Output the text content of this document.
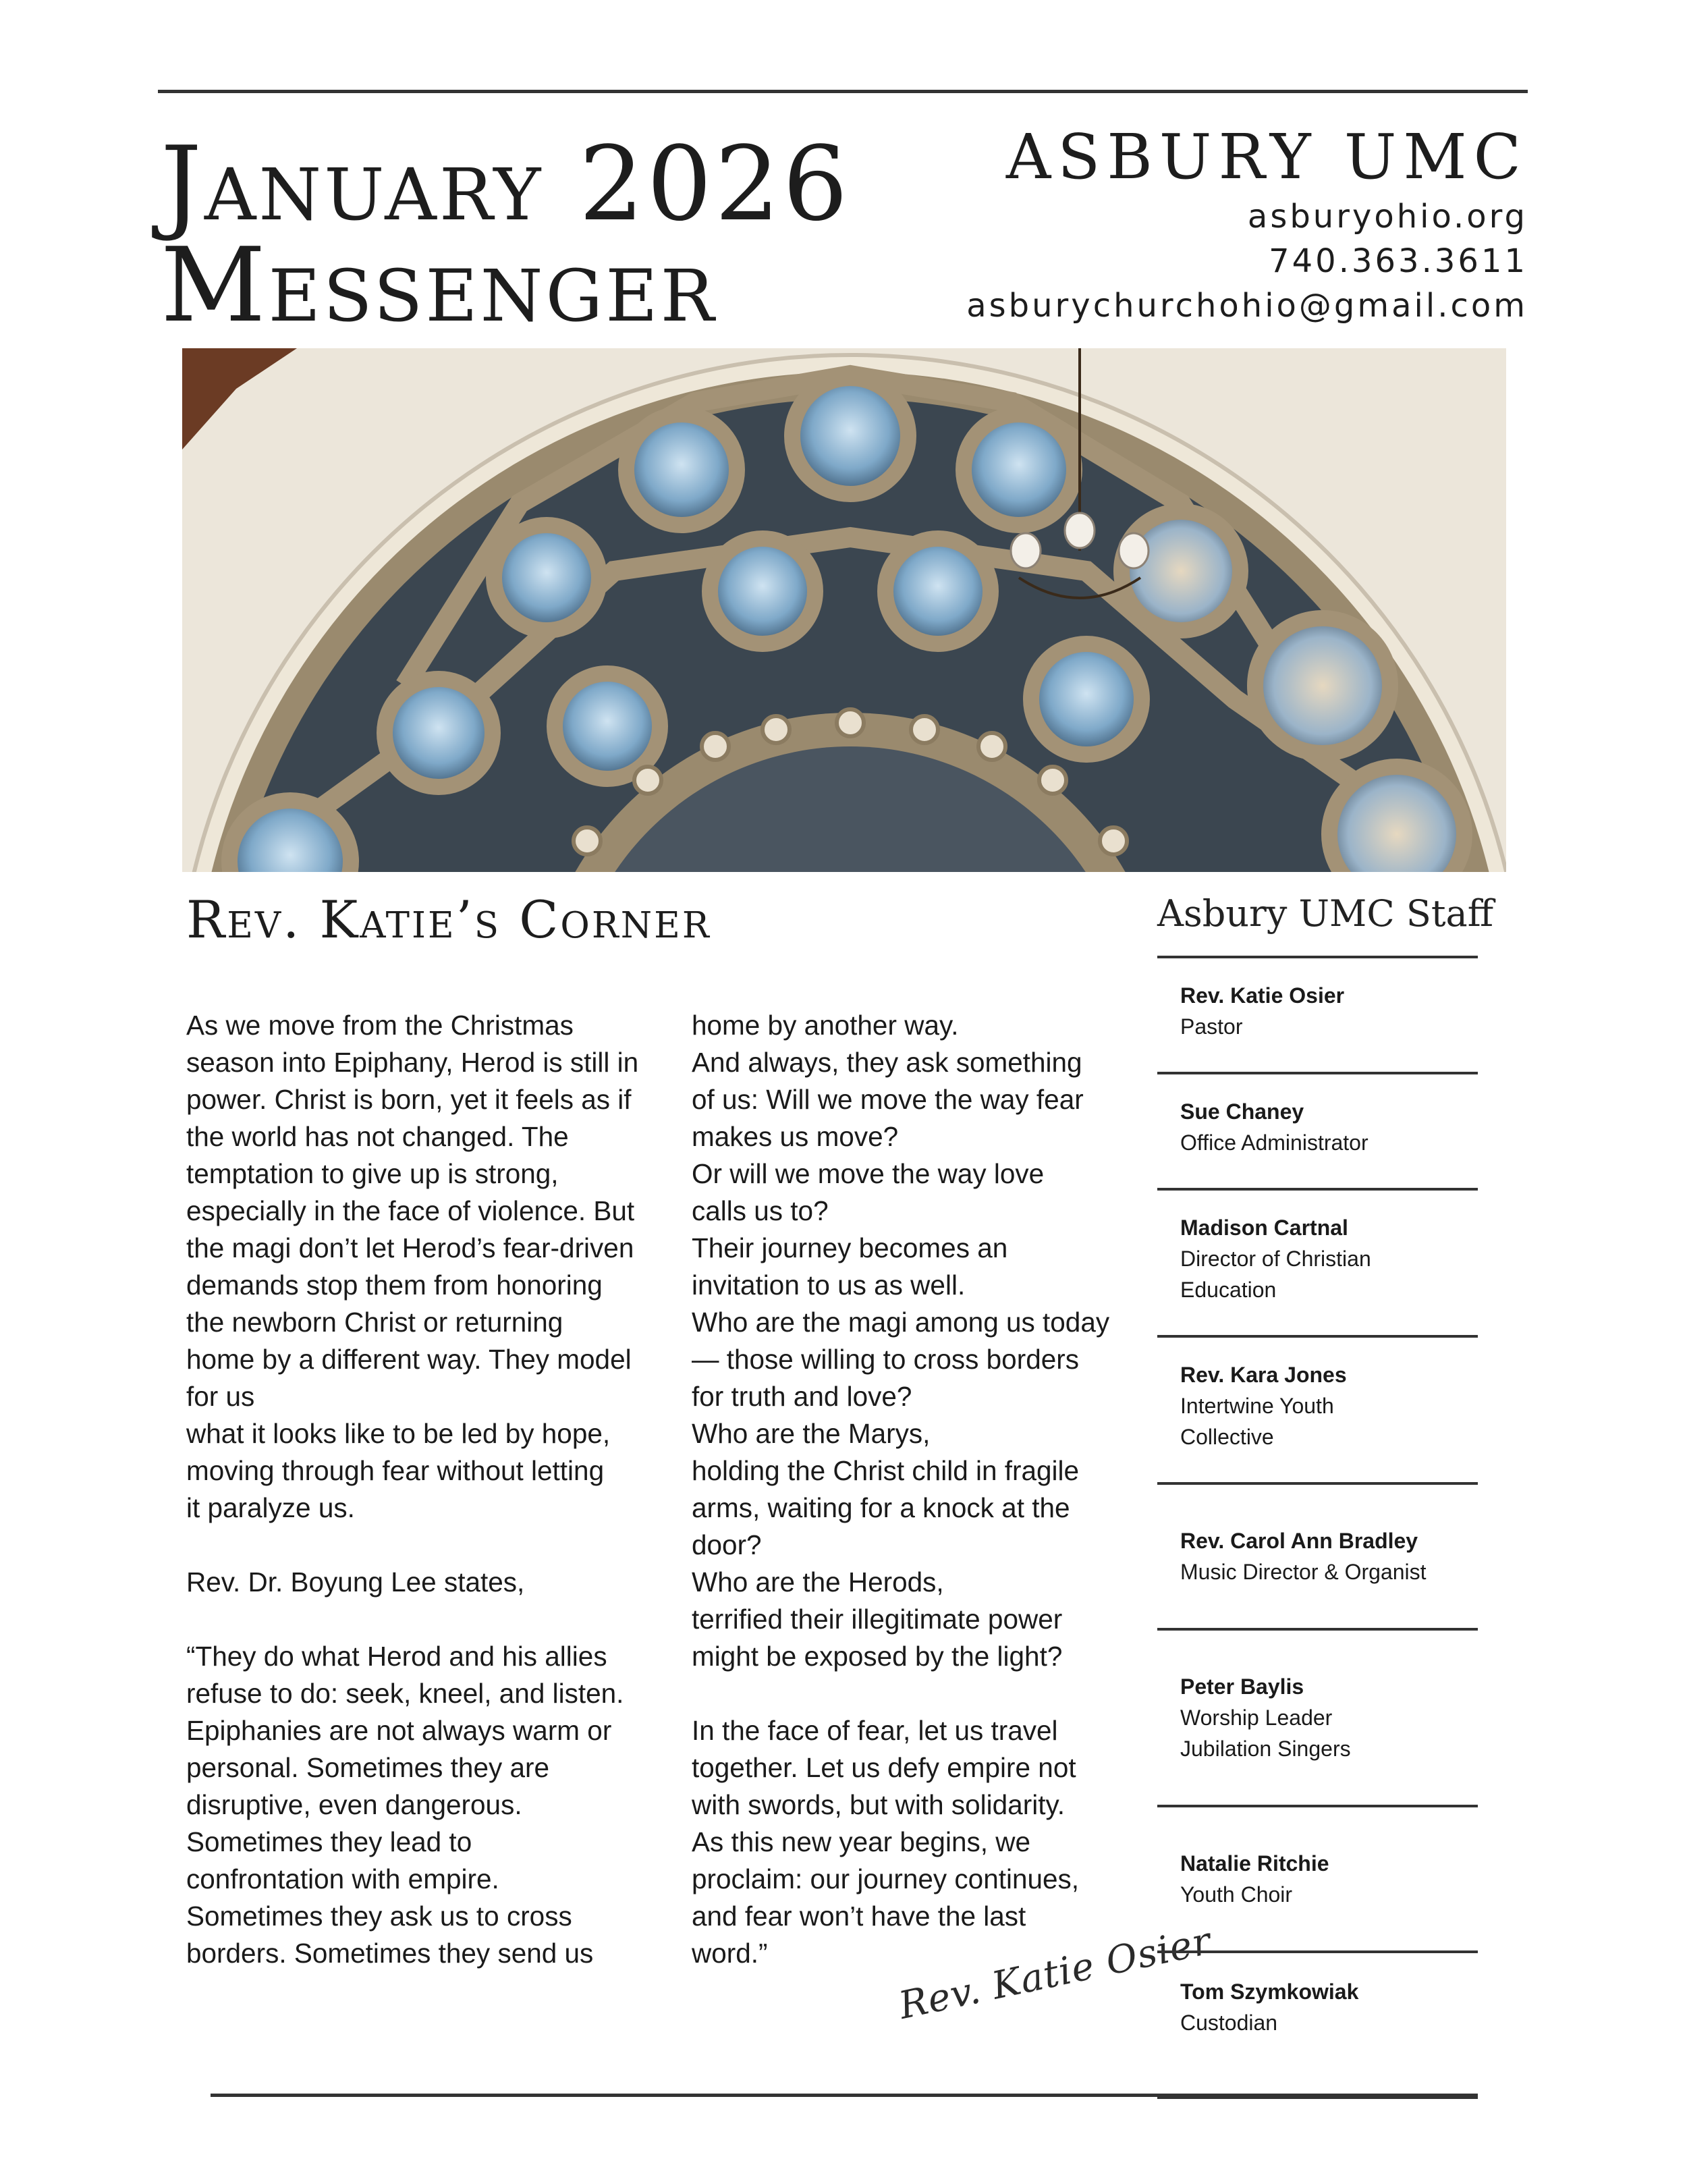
January 2026
Messenger
ASBURY UMC
asburyohio.org
740.363.3611
asburychurchohio@gmail.com
Rev. Katie’s Corner

As we move from the Christmas
season into Epiphany, Herod is still in
power. Christ is born, yet it feels as if
the world has not changed. The
temptation to give up is strong,
especially in the face of violence. But
the magi don’t let Herod’s fear-driven
demands stop them from honoring
the newborn Christ or returning
home by a different way. They model
for us
what it looks like to be led by hope,
moving through fear without letting
it paralyze us.

Rev. Dr. Boyung Lee states,

“They do what Herod and his allies
refuse to do: seek, kneel, and listen.
Epiphanies are not always warm or
personal. Sometimes they are
disruptive, even dangerous.
Sometimes they lead to
confrontation with empire.
Sometimes they ask us to cross
borders. Sometimes they send us

home by another way.
And always, they ask something
of us: Will we move the way fear
makes us move?
Or will we move the way love
calls us to?
Their journey becomes an
invitation to us as well.
Who are the magi among us today
— those willing to cross borders
for truth and love?
Who are the Marys,
holding the Christ child in fragile
arms, waiting for a knock at the
door?
Who are the Herods,
terrified their illegitimate power
might be exposed by the light?

In the face of fear, let us travel
together. Let us defy empire not
with swords, but with solidarity.
As this new year begins, we
proclaim: our journey continues,
and fear won’t have the last
word.”	Rev. Katie Osier
Asbury UMC Staff
Rev. Katie Osier
Pastor
Sue Chaney
Office Administrator
Madison Cartnal
Director of Christian
Education
Rev. Kara Jones
Intertwine Youth
Collective
Rev. Carol Ann Bradley
Music Director & Organist
Peter Baylis
Worship Leader
Jubilation Singers
Natalie Ritchie
Youth Choir
Tom Szymkowiak
Custodian
